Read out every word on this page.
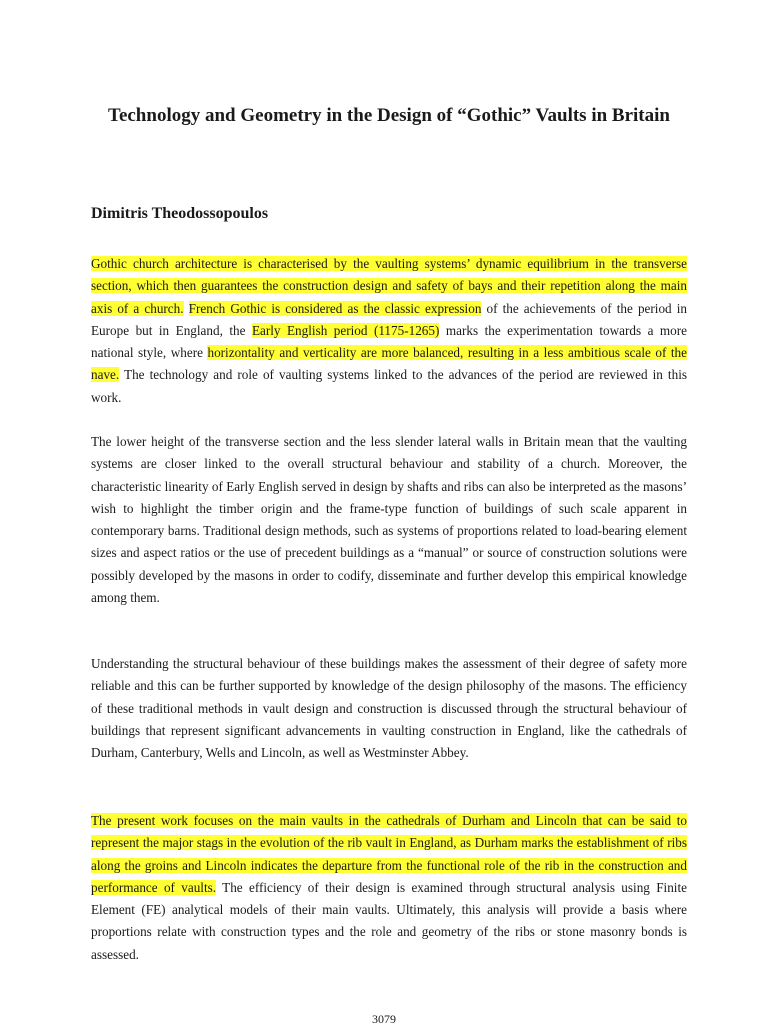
Technology and Geometry in the Design of “Gothic” Vaults in Britain

Dimitris Theodossopoulos

Gothic church architecture is characterised by the vaulting systems’ dynamic equilibrium in the transverse section, which then guarantees the construction design and safety of bays and their repetition along the main axis of a church. French Gothic is considered as the classic expression of the achievements of the period in Europe but in England, the Early English period (1175-1265) marks the experimentation towards a more national style, where horizontality and verticality are more balanced, resulting in a less ambitious scale of the nave. The technology and role of vaulting systems linked to the advances of the period are reviewed in this work.

The lower height of the transverse section and the less slender lateral walls in Britain mean that the vaulting systems are closer linked to the overall structural behaviour and stability of a church. Moreover, the characteristic linearity of Early English served in design by shafts and ribs can also be interpreted as the masons’ wish to highlight the timber origin and the frame-type function of buildings of such scale apparent in contemporary barns. Traditional design methods, such as systems of proportions related to load-bearing element sizes and aspect ratios or the use of precedent buildings as a “manual” or source of construction solutions were possibly developed by the masons in order to codify, disseminate and further develop this empirical knowledge among them.

Understanding the structural behaviour of these buildings makes the assessment of their degree of safety more reliable and this can be further supported by knowledge of the design philosophy of the masons. The efficiency of these traditional methods in vault design and construction is discussed through the structural behaviour of buildings that represent significant advancements in vaulting construction in England, like the cathedrals of Durham, Canterbury, Wells and Lincoln, as well as Westminster Abbey.

The present work focuses on the main vaults in the cathedrals of Durham and Lincoln that can be said to represent the major stags in the evolution of the rib vault in England, as Durham marks the establishment of ribs along the groins and Lincoln indicates the departure from the functional role of the rib in the construction and performance of vaults. The efficiency of their design is examined through structural analysis using Finite Element (FE) analytical models of their main vaults. Ultimately, this analysis will provide a basis where proportions relate with construction types and the role and geometry of the ribs or stone masonry bonds is assessed.

3079
